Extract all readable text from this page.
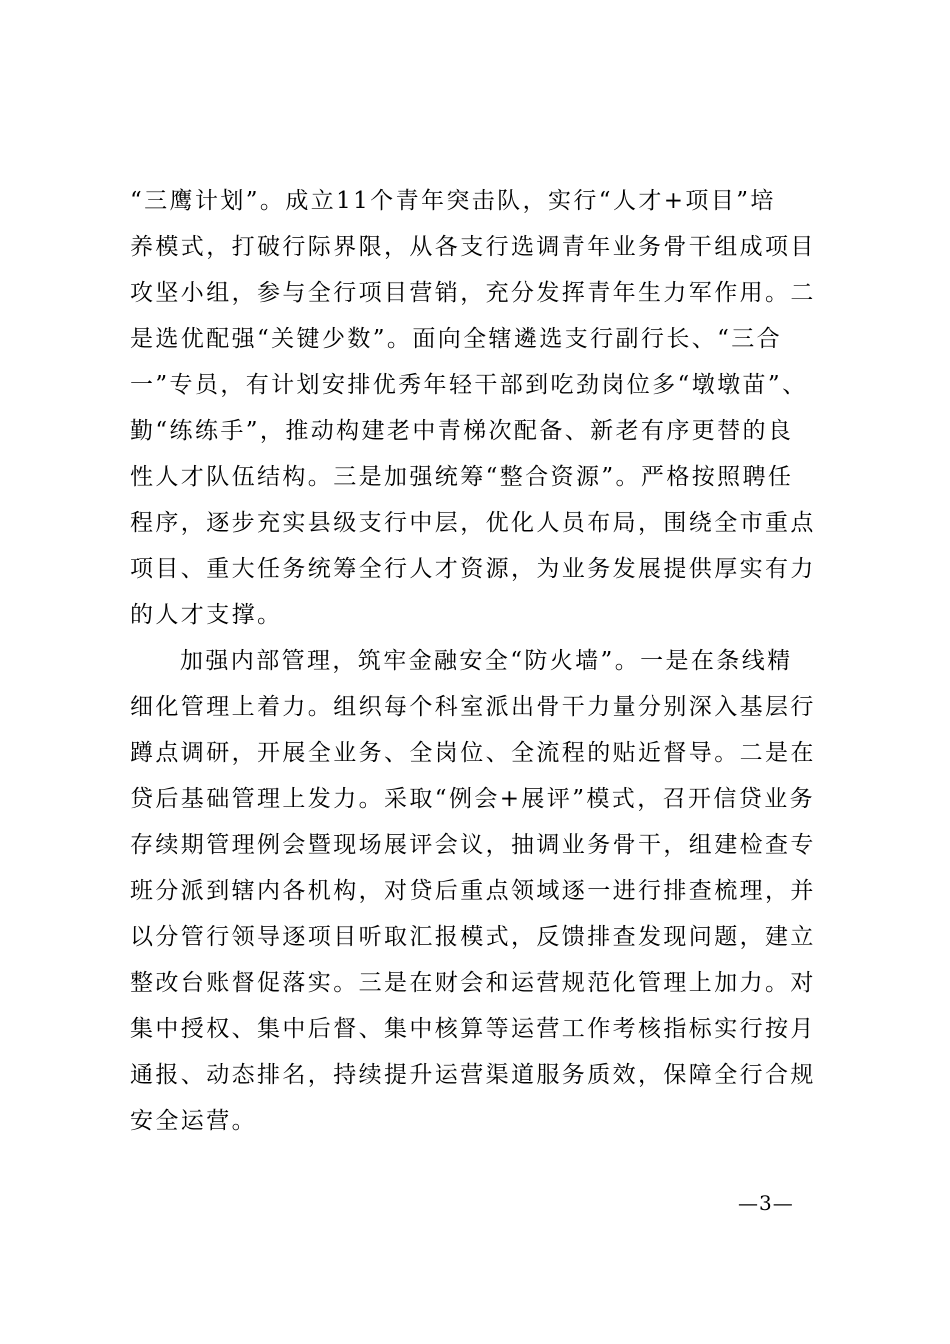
“三鹰计划”。成立11个青年突击队，实行“人才+项目”培
养模式，打破行际界限，从各支行选调青年业务骨干组成项目
攻坚小组，参与全行项目营销，充分发挥青年生力军作用。二
是选优配强“关键少数”。面向全辖遴选支行副行长、“三合
一”专员，有计划安排优秀年轻干部到吃劲岗位多“墩墩苗”、
勤“练练手”，推动构建老中青梯次配备、新老有序更替的良
性人才队伍结构。三是加强统筹“整合资源”。严格按照聘任
程序，逐步充实县级支行中层，优化人员布局，围绕全市重点
项目、重大任务统筹全行人才资源，为业务发展提供厚实有力
的人才支撑。
加强内部管理，筑牢金融安全“防火墙”。一是在条线精
细化管理上着力。组织每个科室派出骨干力量分别深入基层行
蹲点调研，开展全业务、全岗位、全流程的贴近督导。二是在
贷后基础管理上发力。采取“例会+展评”模式，召开信贷业务
存续期管理例会暨现场展评会议，抽调业务骨干，组建检查专
班分派到辖内各机构，对贷后重点领域逐一进行排查梳理，并
以分管行领导逐项目听取汇报模式，反馈排查发现问题，建立
整改台账督促落实。三是在财会和运营规范化管理上加力。对
集中授权、集中后督、集中核算等运营工作考核指标实行按月
通报、动态排名，持续提升运营渠道服务质效，保障全行合规
安全运营。
—3—
